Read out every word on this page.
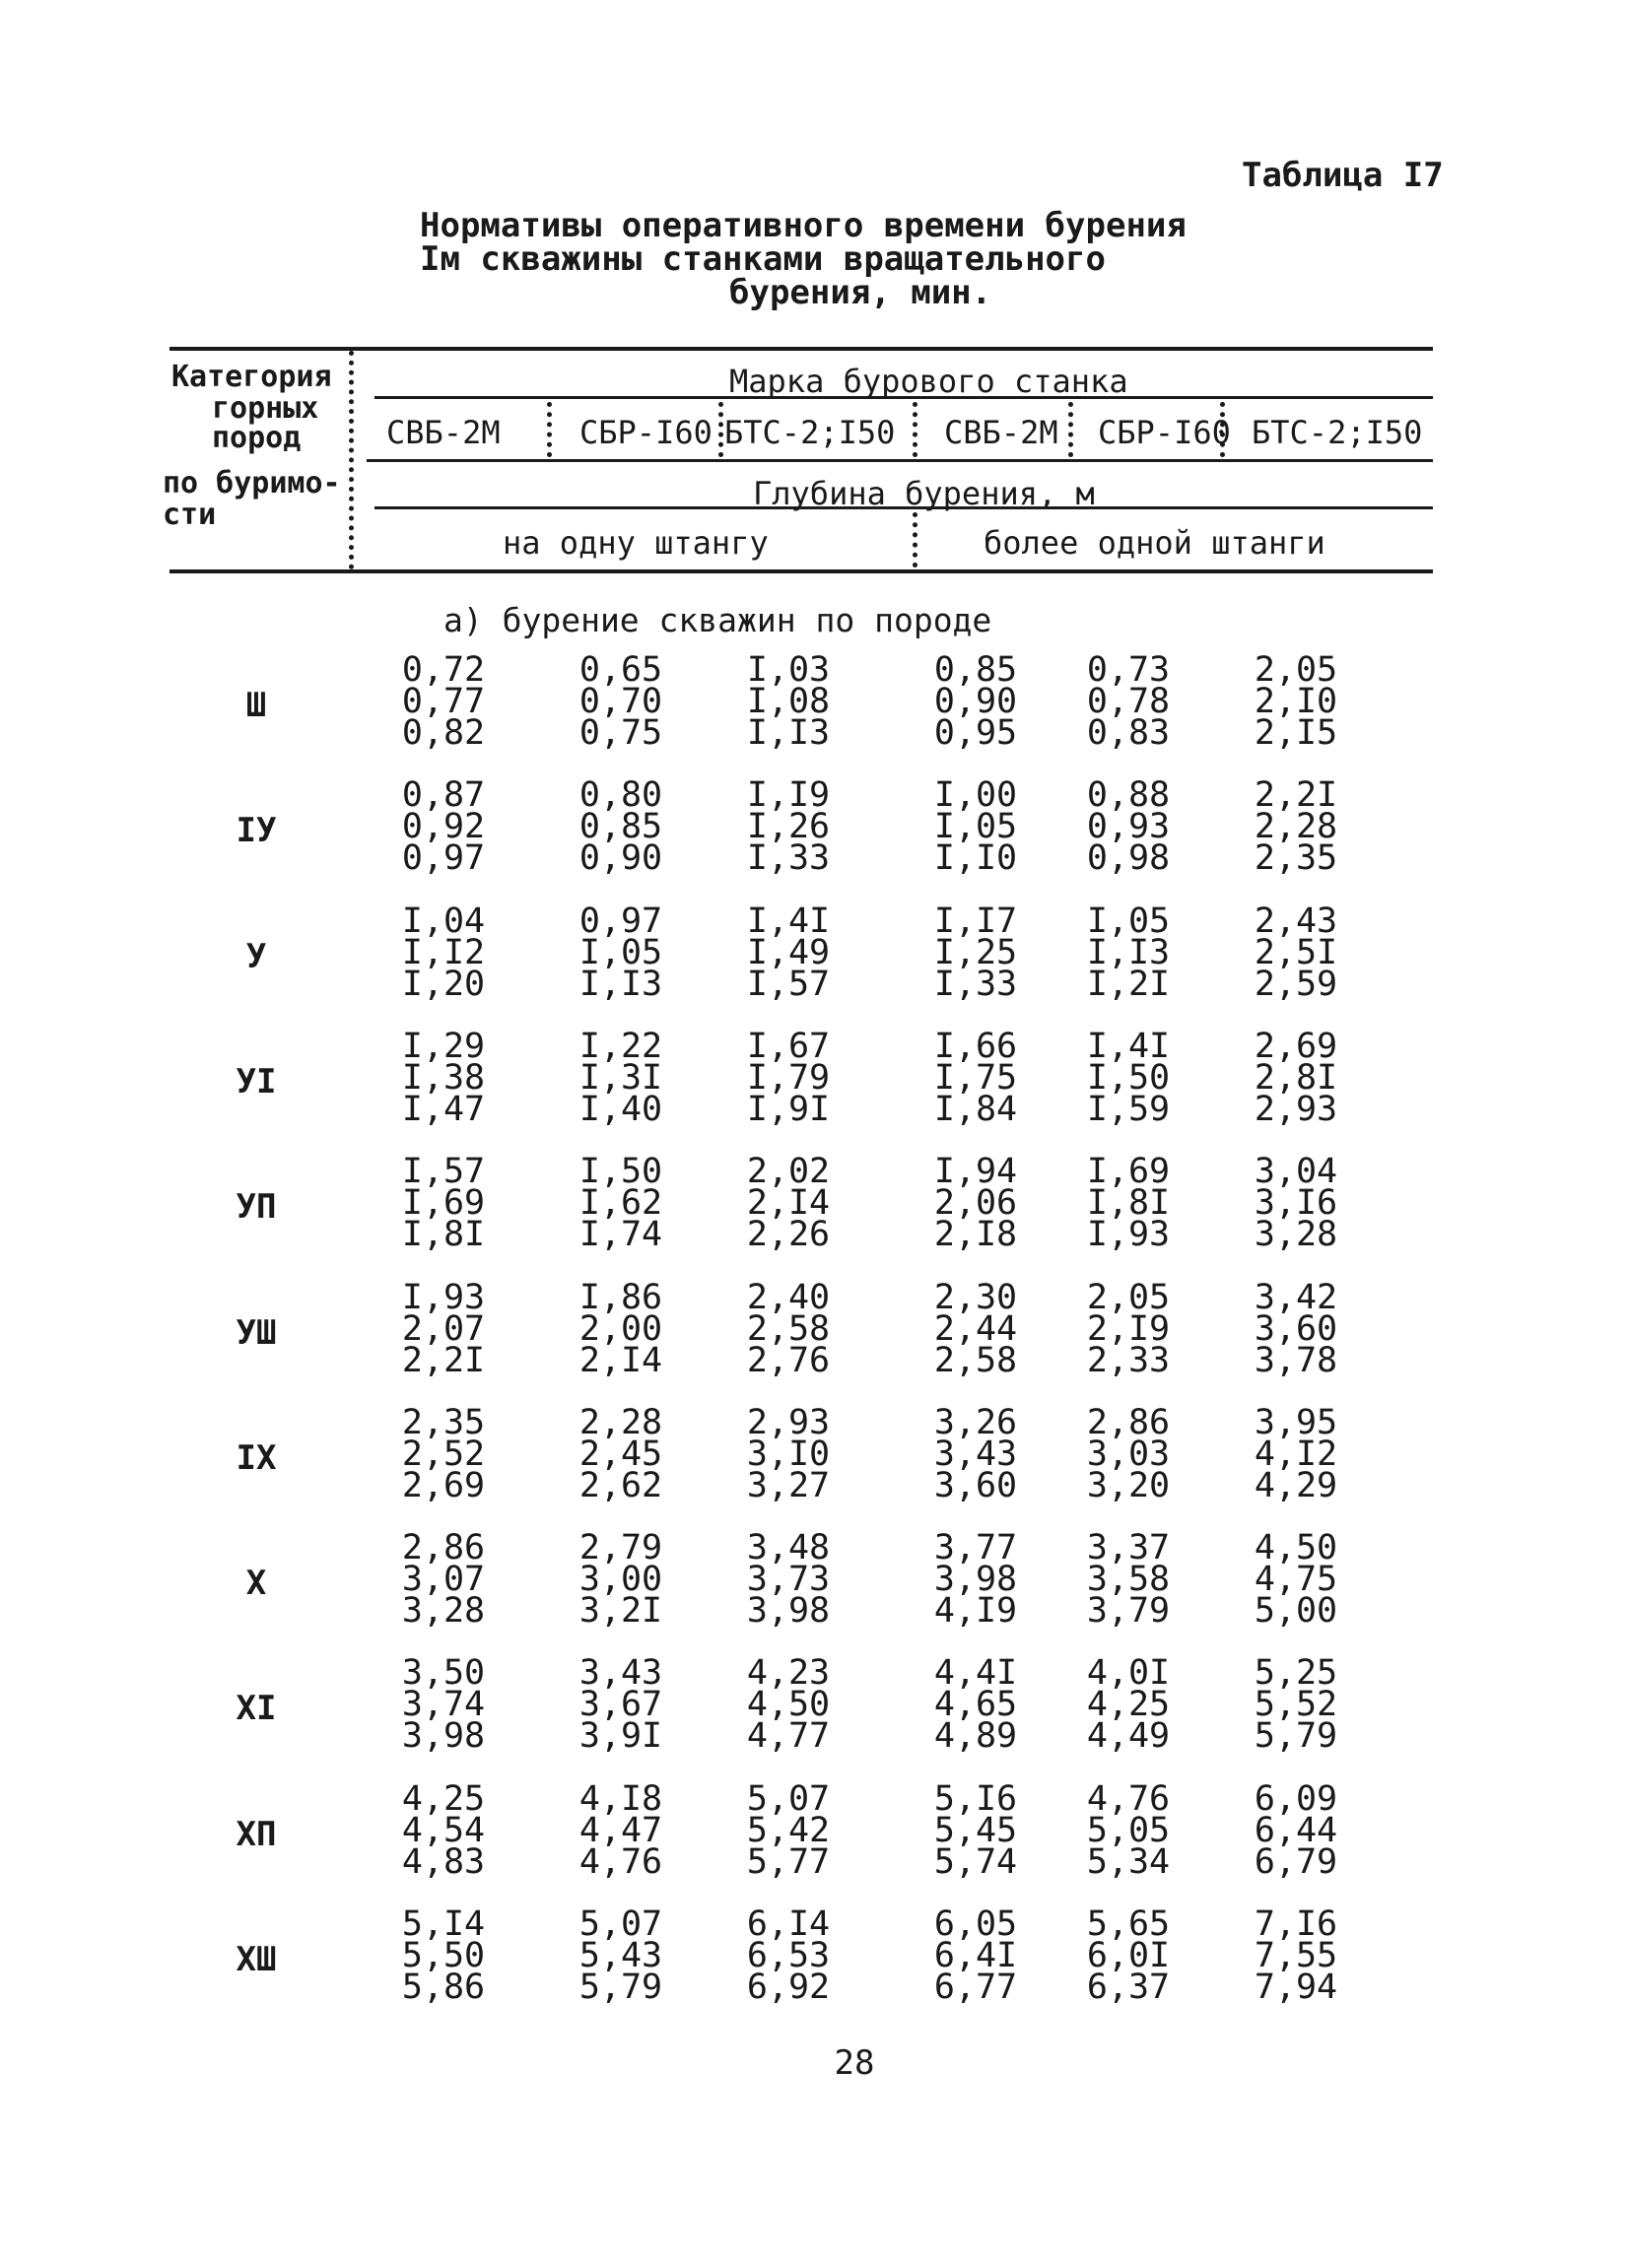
Таблица I7
Нормативы оперативного времени бурения
Iм скважины станками вращательного
бурения, мин.
Категория
горных
пород
по буримо-
сти
Марка бурового станка
СВБ-2М	СБР-I60 БТС-2;I50 СВБ-2М СБР-I60 БТС-2;I50
Глубина бурения, м
на одну штангу	более одной штанги
а) бурение скважин по породе
Ш
0,72
0,77
0,82
0,65
0,70
0,75
I,03
I,08
I,I3
0,85
0,90
0,95
0,73
0,78
0,83
2,05
2,I0
2,I5
IУ
0,87
0,92
0,97
0,80
0,85
0,90
I,I9
I,26
I,33
I,00
I,05
I,I0
0,88
0,93
0,98
2,2I
2,28
2,35
У
I,04
I,I2
I,20
0,97
I,05
I,I3
I,4I
I,49
I,57
I,I7
I,25
I,33
I,05
I,I3
I,2I
2,43
2,5I
2,59
УI
I,29
I,38
I,47
I,22
I,3I
I,40
I,67
I,79
I,9I
I,66
I,75
I,84
I,4I
I,50
I,59
2,69
2,8I
2,93
УП
I,57
I,69
I,8I
I,50
I,62
I,74
2,02
2,I4
2,26
I,94
2,06
2,I8
I,69
I,8I
I,93
3,04
3,I6
3,28
УШ
I,93
2,07
2,2I
I,86
2,00
2,I4
2,40
2,58
2,76
2,30
2,44
2,58
2,05
2,I9
2,33
3,42
3,60
3,78
IX
2,35
2,52
2,69
2,28
2,45
2,62
2,93
3,I0
3,27
3,26
3,43
3,60
2,86
3,03
3,20
3,95
4,I2
4,29
X
2,86
3,07
3,28
2,79
3,00
3,2I
3,48
3,73
3,98
3,77
3,98
4,I9
3,37
3,58
3,79
4,50
4,75
5,00
XI
3,50
3,74
3,98
3,43
3,67
3,9I
4,23
4,50
4,77
4,4I
4,65
4,89
4,0I
4,25
4,49
5,25
5,52
5,79
XП
4,25
4,54
4,83
4,I8
4,47
4,76
5,07
5,42
5,77
5,I6
5,45
5,74
4,76
5,05
5,34
6,09
6,44
6,79
XШ
5,I4
5,50
5,86
5,07
5,43
5,79
6,I4
6,53
6,92
6,05
6,4I
6,77
5,65
6,0I
6,37
7,I6
7,55
7,94
28
